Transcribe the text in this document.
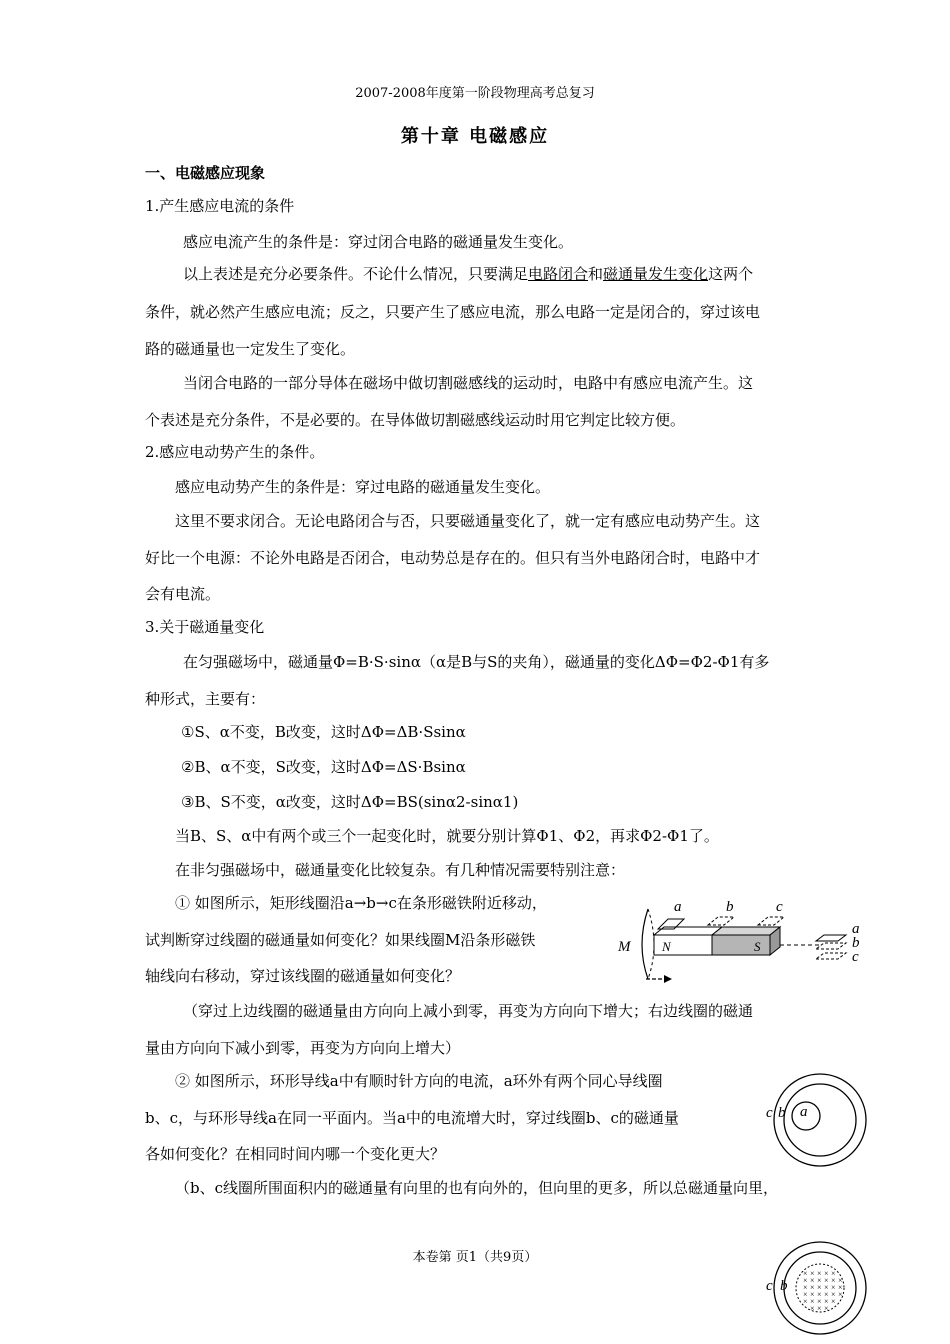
2007-2008年度第一阶段物理高考总复习
第十章 电磁感应
一、电磁感应现象
1.产生感应电流的条件
感应电流产生的条件是：穿过闭合电路的磁通量发生变化。
以上表述是充分必要条件。不论什么情况，只要满足电路闭合和磁通量发生变化这两个
条件，就必然产生感应电流；反之，只要产生了感应电流，那么电路一定是闭合的，穿过该电
路的磁通量也一定发生了变化。
当闭合电路的一部分导体在磁场中做切割磁感线的运动时，电路中有感应电流产生。这
个表述是充分条件，不是必要的。在导体做切割磁感线运动时用它判定比较方便。
2.感应电动势产生的条件。
感应电动势产生的条件是：穿过电路的磁通量发生变化。
这里不要求闭合。无论电路闭合与否，只要磁通量变化了，就一定有感应电动势产生。这
好比一个电源：不论外电路是否闭合，电动势总是存在的。但只有当外电路闭合时，电路中才
会有电流。
3.关于磁通量变化
在匀强磁场中，磁通量Φ=B·S·sinα（α是B与S的夹角），磁通量的变化ΔΦ=Φ2-Φ1有多
种形式，主要有：
①S、α不变，B改变，这时ΔΦ=ΔB·Ssinα
②B、α不变，S改变，这时ΔΦ=ΔS·Bsinα
③B、S不变，α改变，这时ΔΦ=BS(sinα2-sinα1)
当B、S、α中有两个或三个一起变化时，就要分别计算Φ1、Φ2，再求Φ2-Φ1了。
在非匀强磁场中，磁通量变化比较复杂。有几种情况需要特别注意：
① 如图所示，矩形线圈沿a→b→c在条形磁铁附近移动，
试判断穿过线圈的磁通量如何变化？如果线圈M沿条形磁铁
轴线向右移动，穿过该线圈的磁通量如何变化？
（穿过上边线圈的磁通量由方向向上减小到零，再变为方向向下增大；右边线圈的磁通
量由方向向下减小到零，再变为方向向上增大）
② 如图所示，环形导线a中有顺时针方向的电流，a环外有两个同心导线圈
b、c，与环形导线a在同一平面内。当a中的电流增大时，穿过线圈b、c的磁通量
各如何变化？在相同时间内哪一个变化更大？
（b、c线圈所围面积内的磁通量有向里的也有向外的，但向里的更多，所以总磁通量向里，
本卷第 页1（共9页）
M N	S
a	b	c
a
b
c
c b a
c b
× × × × ×
× × × × × ×
× × × × × ×
× × × × × ×
× × × × ×
× × ×
